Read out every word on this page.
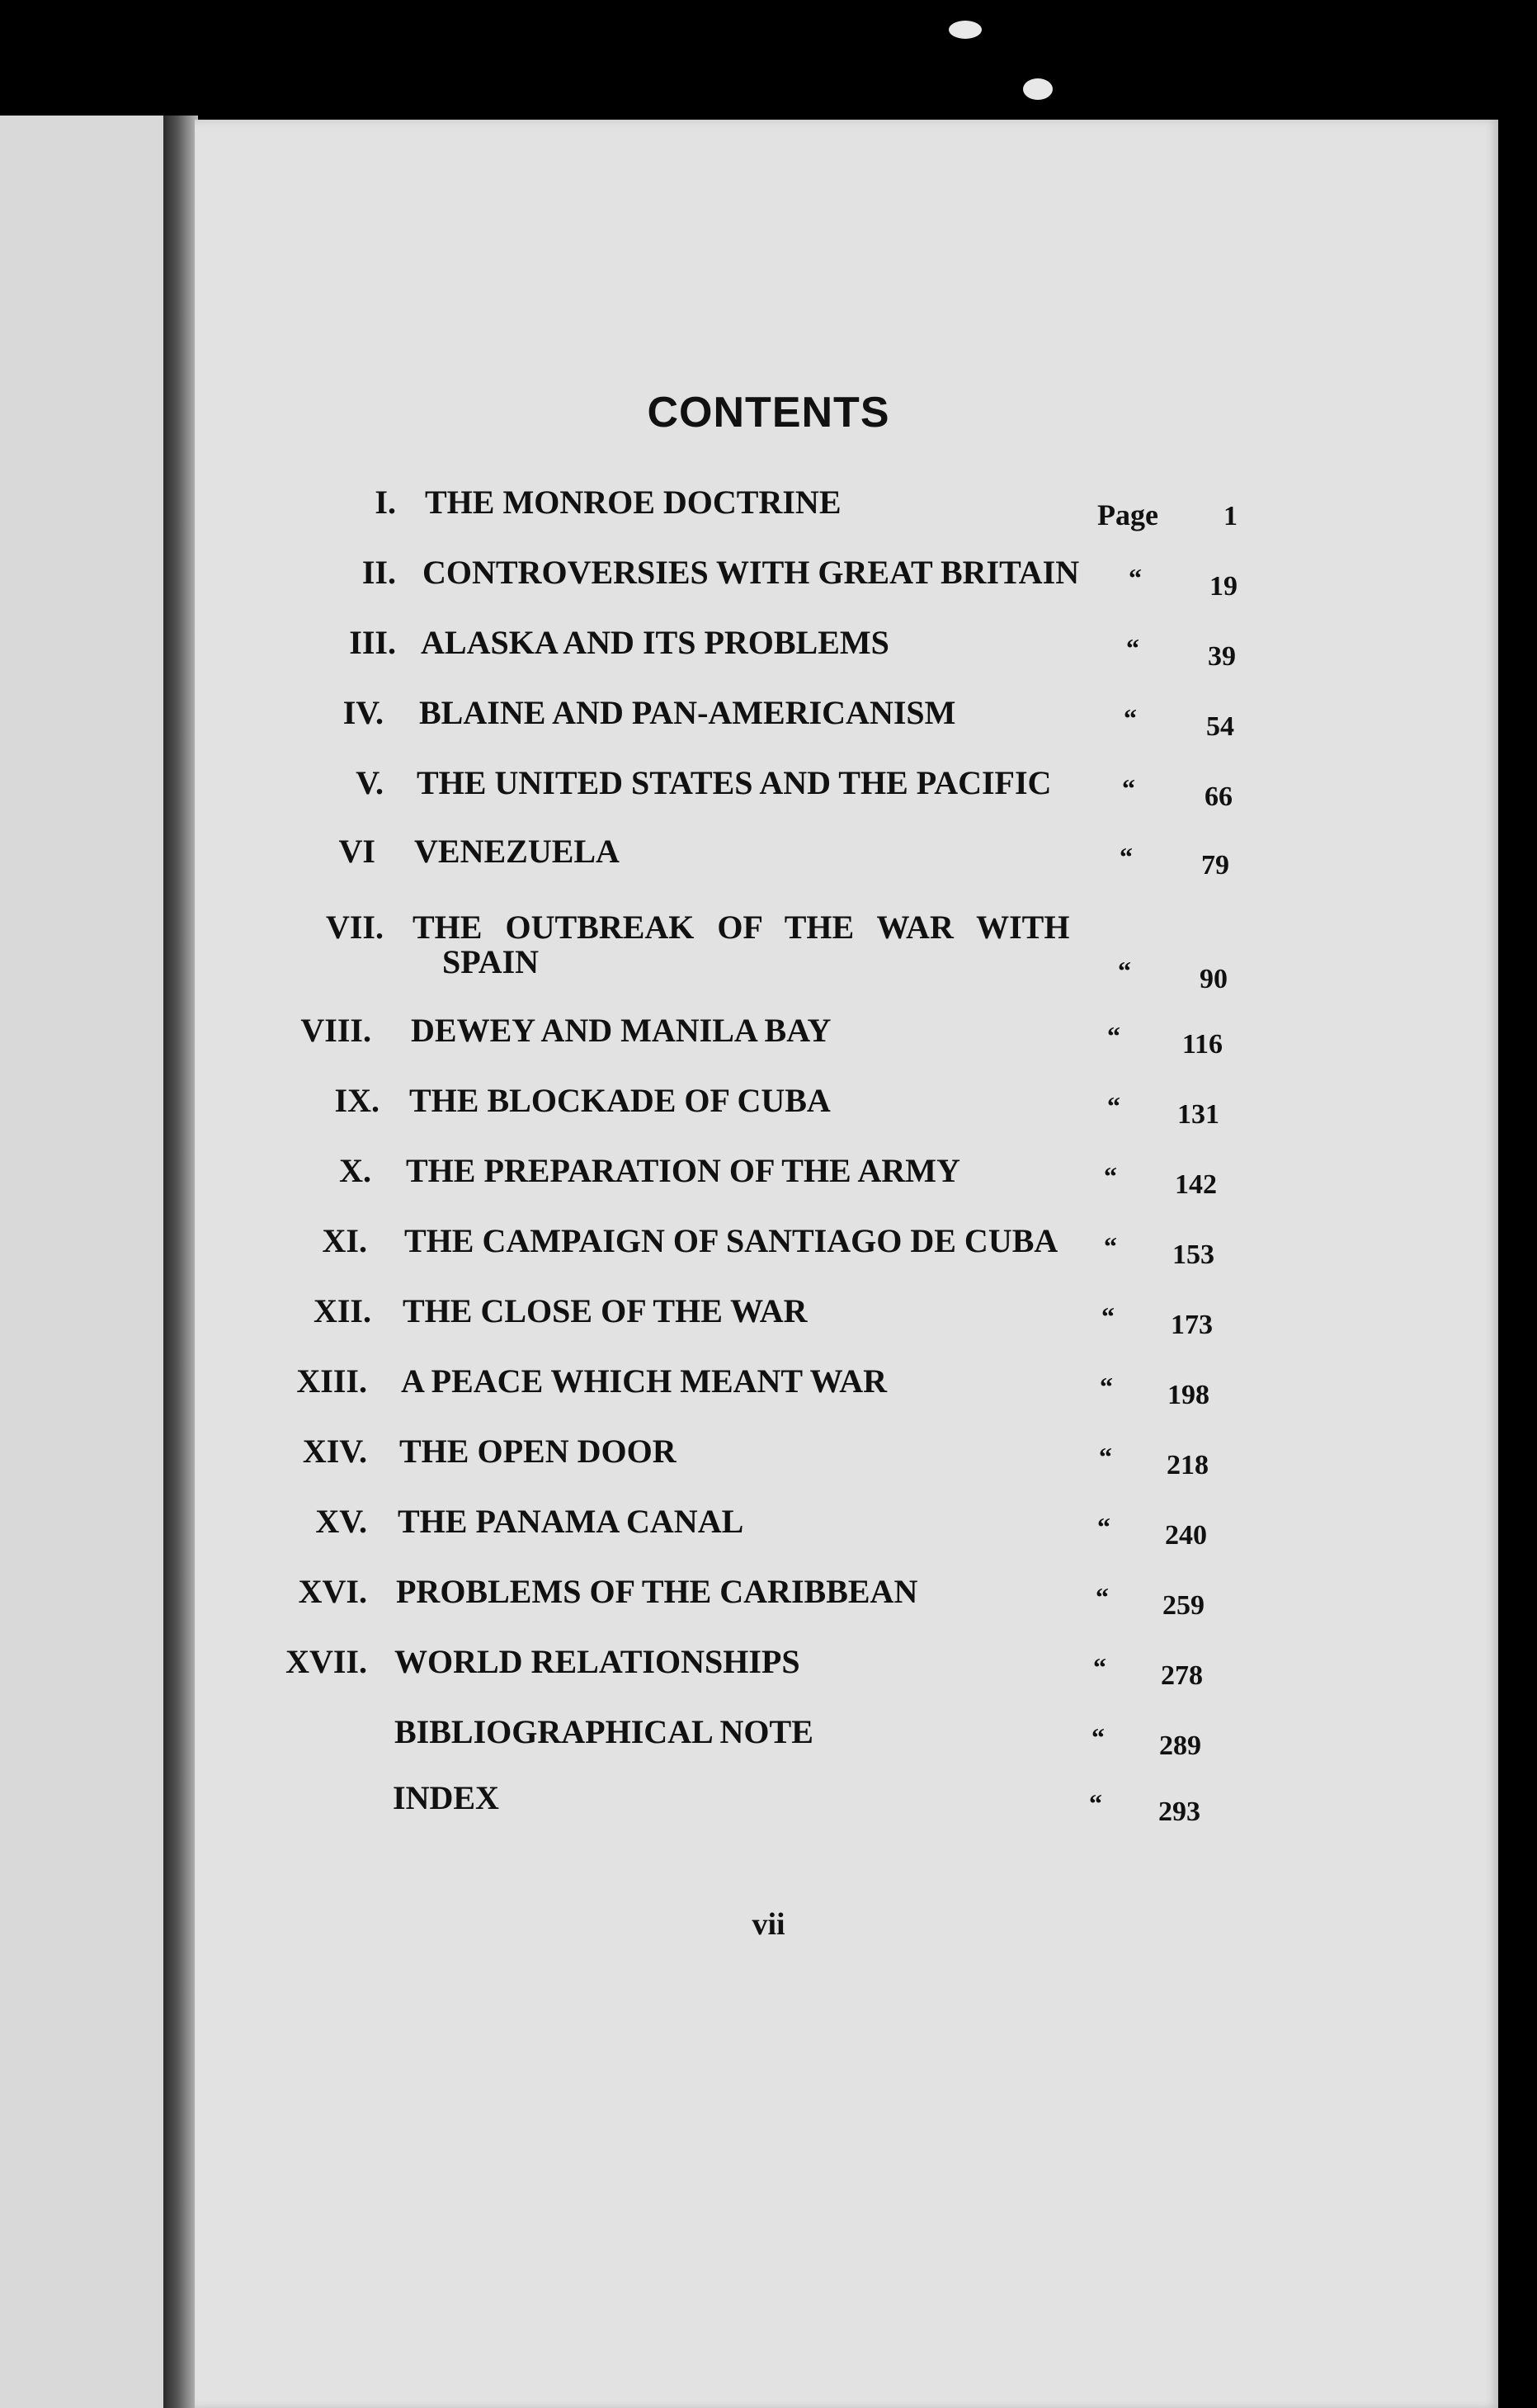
CONTENTS
I. THE MONROE DOCTRINE	Page	1
II. CONTROVERSIES WITH GREAT BRITAIN “	19
III. ALASKA AND ITS PROBLEMS	“	39
IV. BLAINE AND PAN-AMERICANISM	“	54
V. THE UNITED STATES AND THE PACIFIC	“	66
VI VENEZUELA	“	79
VII. THE OUTBREAK OF THE WAR WITH
SPAIN	“	90
VIII. DEWEY AND MANILA BAY	“	116
IX. THE BLOCKADE OF CUBA	“	131
X. THE PREPARATION OF THE ARMY	“	142
XI. THE CAMPAIGN OF SANTIAGO DE CUBA “	153
XII. THE CLOSE OF THE WAR	“	173
XIII. A PEACE WHICH MEANT WAR	“	198
XIV. THE OPEN DOOR	“	218
XV. THE PANAMA CANAL	“	240
XVI. PROBLEMS OF THE CARIBBEAN	“	259
XVII. WORLD RELATIONSHIPS	“	278
BIBLIOGRAPHICAL NOTE	“	289
INDEX	“	293
vii
